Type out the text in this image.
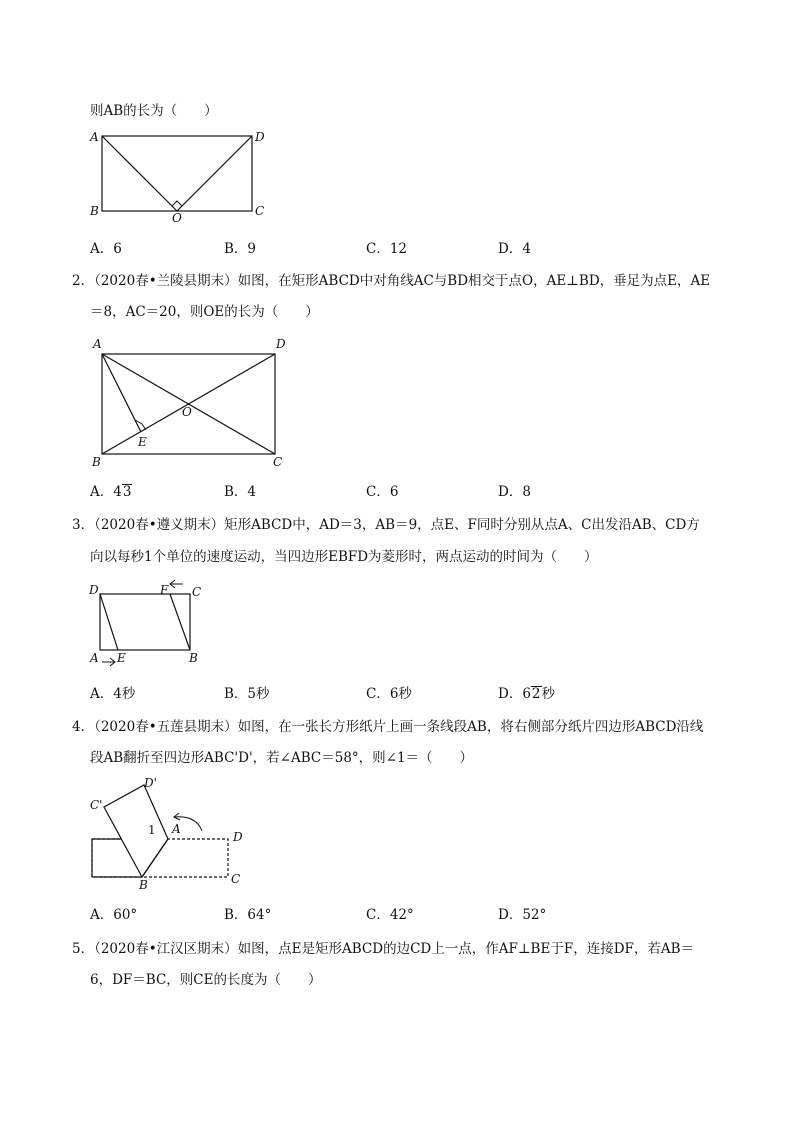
则AB的长为（　　）
A	D
B	C
O
A．6	B．9	C．12	D．4
2．（2020春•兰陵县期末）如图，在矩形ABCD中对角线AC与BD相交于点O，AE⊥BD，垂足为点E，AE
＝8，AC＝20，则OE的长为（　　）
A	D
B	C
O
E
A．43	B．4	C．6	D．8
3．（2020春•遵义期末）矩形ABCD中，AD＝3，AB＝9，点E、F同时分别从点A、C出发沿AB、CD方
向以每秒1个单位的速度运动，当四边形EBFD为菱形时，两点运动的时间为（　　）
D	F C
A E	B
A．4秒	B．5秒	C．6秒	D．62秒
4．（2020春•五莲县期末）如图，在一张长方形纸片上画一条线段AB，将右侧部分纸片四边形ABCD沿线
段AB翻折至四边形ABC'D'，若∠ABC＝58°，则∠1＝（　　）
D'
C'
1 A
D
C
B
A．60°	B．64°	C．42°	D．52°
5．（2020春•江汉区期末）如图，点E是矩形ABCD的边CD上一点，作AF⊥BE于F，连接DF，若AB＝
6，DF＝BC，则CE的长度为（　　）
